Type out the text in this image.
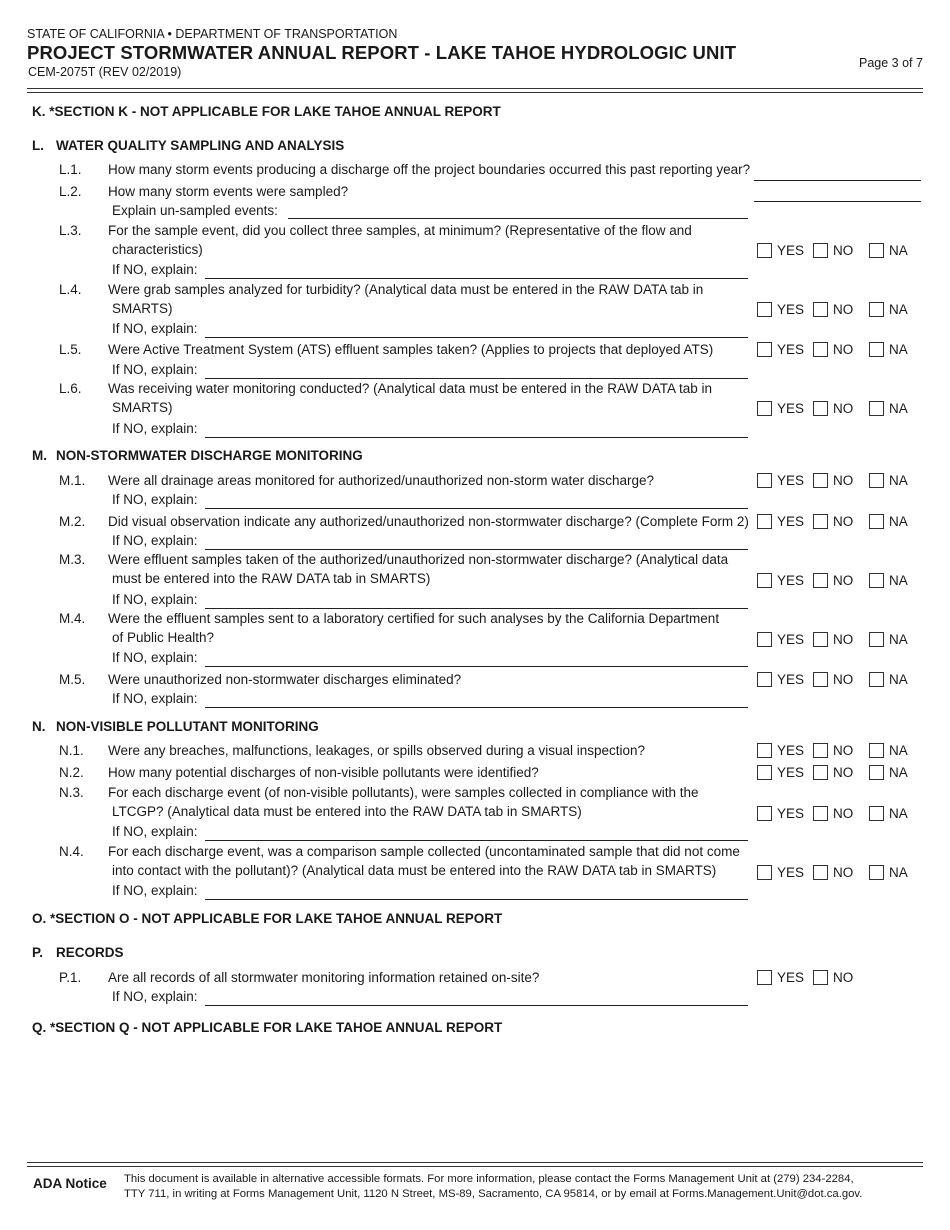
STATE OF CALIFORNIA • DEPARTMENT OF TRANSPORTATION
PROJECT STORMWATER ANNUAL REPORT - LAKE TAHOE HYDROLOGIC UNIT
CEM-2075T (REV 02/2019)
Page 3 of 7
K. *SECTION K - NOT APPLICABLE FOR LAKE TAHOE ANNUAL REPORT
L. WATER QUALITY SAMPLING AND ANALYSIS
L.1. How many storm events producing a discharge off the project boundaries occurred this past reporting year?
L.2. How many storm events were sampled?
Explain un-sampled events:
L.3. For the sample event, did you collect three samples, at minimum? (Representative of the flow and
characteristics)	YES	NO	NA
If NO, explain:
L.4. Were grab samples analyzed for turbidity? (Analytical data must be entered in the RAW DATA tab in
SMARTS)	YES	NO	NA
If NO, explain:
L.5. Were Active Treatment System (ATS) effluent samples taken? (Applies to projects that deployed ATS)	YES	NO	NA
If NO, explain:
L.6. Was receiving water monitoring conducted? (Analytical data must be entered in the RAW DATA tab in
SMARTS)	YES	NO	NA
If NO, explain:
M. NON-STORMWATER DISCHARGE MONITORING
M.1. Were all drainage areas monitored for authorized/unauthorized non-storm water discharge?	YES	NO	NA
If NO, explain:
M.2. Did visual observation indicate any authorized/unauthorized non-stormwater discharge? (Complete Form 2)	YES	NO	NA
If NO, explain:
M.3. Were effluent samples taken of the authorized/unauthorized non-stormwater discharge? (Analytical data
must be entered into the RAW DATA tab in SMARTS)	YES	NO	NA
If NO, explain:
M.4. Were the effluent samples sent to a laboratory certified for such analyses by the California Department
of Public Health?	YES	NO	NA
If NO, explain:
M.5. Were unauthorized non-stormwater discharges eliminated?	YES	NO	NA
If NO, explain:
N. NON-VISIBLE POLLUTANT MONITORING
N.1. Were any breaches, malfunctions, leakages, or spills observed during a visual inspection?	YES	NO	NA
N.2. How many potential discharges of non-visible pollutants were identified?	YES	NO	NA
N.3. For each discharge event (of non-visible pollutants), were samples collected in compliance with the
LTCGP? (Analytical data must be entered into the RAW DATA tab in SMARTS)	YES	NO	NA
If NO, explain:
N.4. For each discharge event, was a comparison sample collected (uncontaminated sample that did not come
into contact with the pollutant)? (Analytical data must be entered into the RAW DATA tab in SMARTS)	YES	NO	NA
If NO, explain:
O. *SECTION O - NOT APPLICABLE FOR LAKE TAHOE ANNUAL REPORT
P. RECORDS
P.1. Are all records of all stormwater monitoring information retained on-site?	YES	NO
If NO, explain:
Q. *SECTION Q - NOT APPLICABLE FOR LAKE TAHOE ANNUAL REPORT
ADA Notice This document is available in alternative accessible formats. For more information, please contact the Forms Management Unit at (279) 234-2284,
TTY 711, in writing at Forms Management Unit, 1120 N Street, MS-89, Sacramento, CA 95814, or by email at Forms.Management.Unit@dot.ca.gov.
